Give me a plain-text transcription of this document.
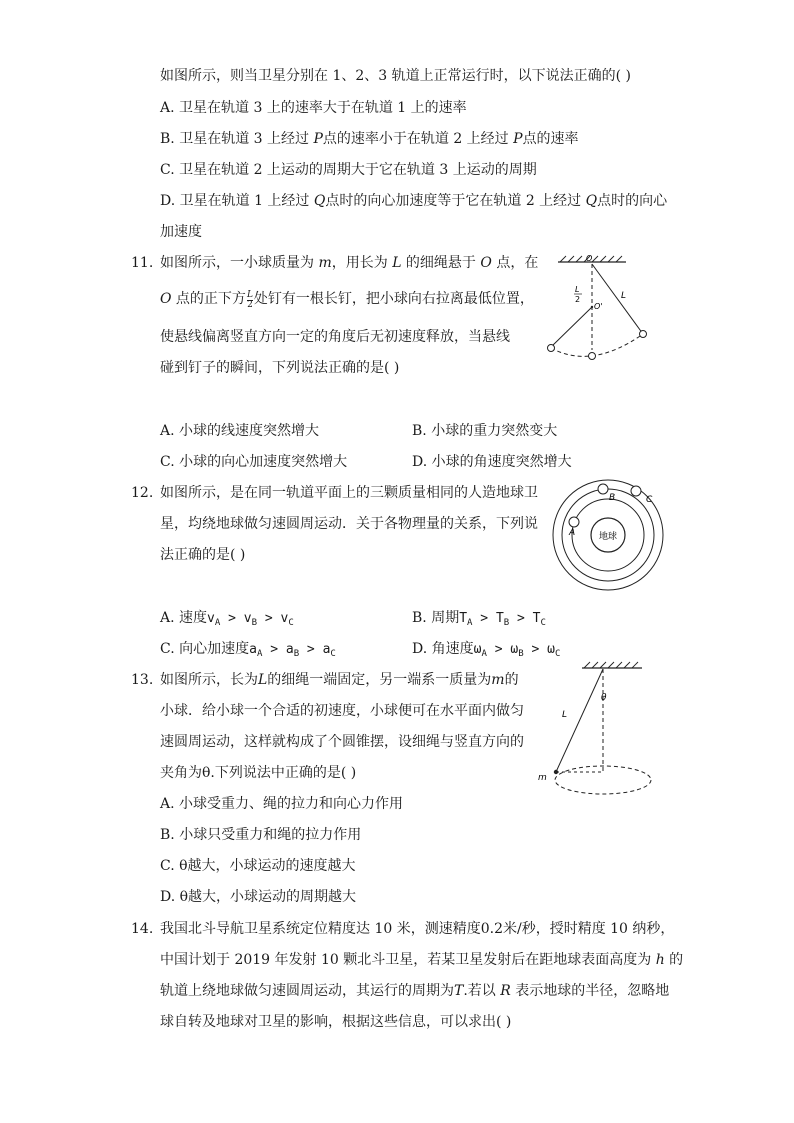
如图所示，则当卫星分别在 1、2、3 轨道上正常运行时，以下说法正确的( )
A. 卫星在轨道 3 上的速率大于在轨道 1 上的速率
B. 卫星在轨道 3 上经过 P点的速率小于在轨道 2 上经过 P点的速率
C. 卫星在轨道 2 上运动的周期大于它在轨道 3 上运动的周期
D. 卫星在轨道 1 上经过 Q点时的向心加速度等于它在轨道 2 上经过 Q点时的向心
加速度
11. 如图所示，一小球质量为 m，用长为 L 的细绳悬于 O 点，在
O 点的正下方 $\frac{L}{2}$ 处钉有一根长钉，把小球向右拉离最低位置，
使悬线偏离竖直方向一定的角度后无初速度释放，当悬线
碰到钉子的瞬间，下列说法正确的是( )
O
L
2
O'
L
A. 小球的线速度突然增大	B. 小球的重力突然变大
C. 小球的向心加速度突然增大	D. 小球的角速度突然增大
12. 如图所示，是在同一轨道平面上的三颗质量相同的人造地球卫
星，均绕地球做匀速圆周运动．关于各物理量的关系，下列说
法正确的是( )
地球
A
B	C
A. 速度$v_A > v_B > v_C$	B. 周期$T_A > T_B > T_C$
C. 向心加速度$a_A > a_B > a_C$	D. 角速度$\omega_A > \omega_B > \omega_C$
13. 如图所示，长为L的细绳一端固定，另一端系一质量为m的
小球．给小球一个合适的初速度，小球便可在水平面内做匀
速圆周运动，这样就构成了个圆锥摆，设细绳与竖直方向的
夹角为θ.下列说法中正确的是( )
θ
L
m
A. 小球受重力、绳的拉力和向心力作用
B. 小球只受重力和绳的拉力作用
C. θ越大，小球运动的速度越大
D. θ越大，小球运动的周期越大
14. 我国北斗导航卫星系统定位精度达 10 米，测速精度0.2米/秒，授时精度 10 纳秒，
中国计划于 2019 年发射 10 颗北斗卫星，若某卫星发射后在距地球表面高度为 h 的
轨道上绕地球做匀速圆周运动，其运行的周期为T.若以 R 表示地球的半径，忽略地
球自转及地球对卫星的影响，根据这些信息，可以求出( )
